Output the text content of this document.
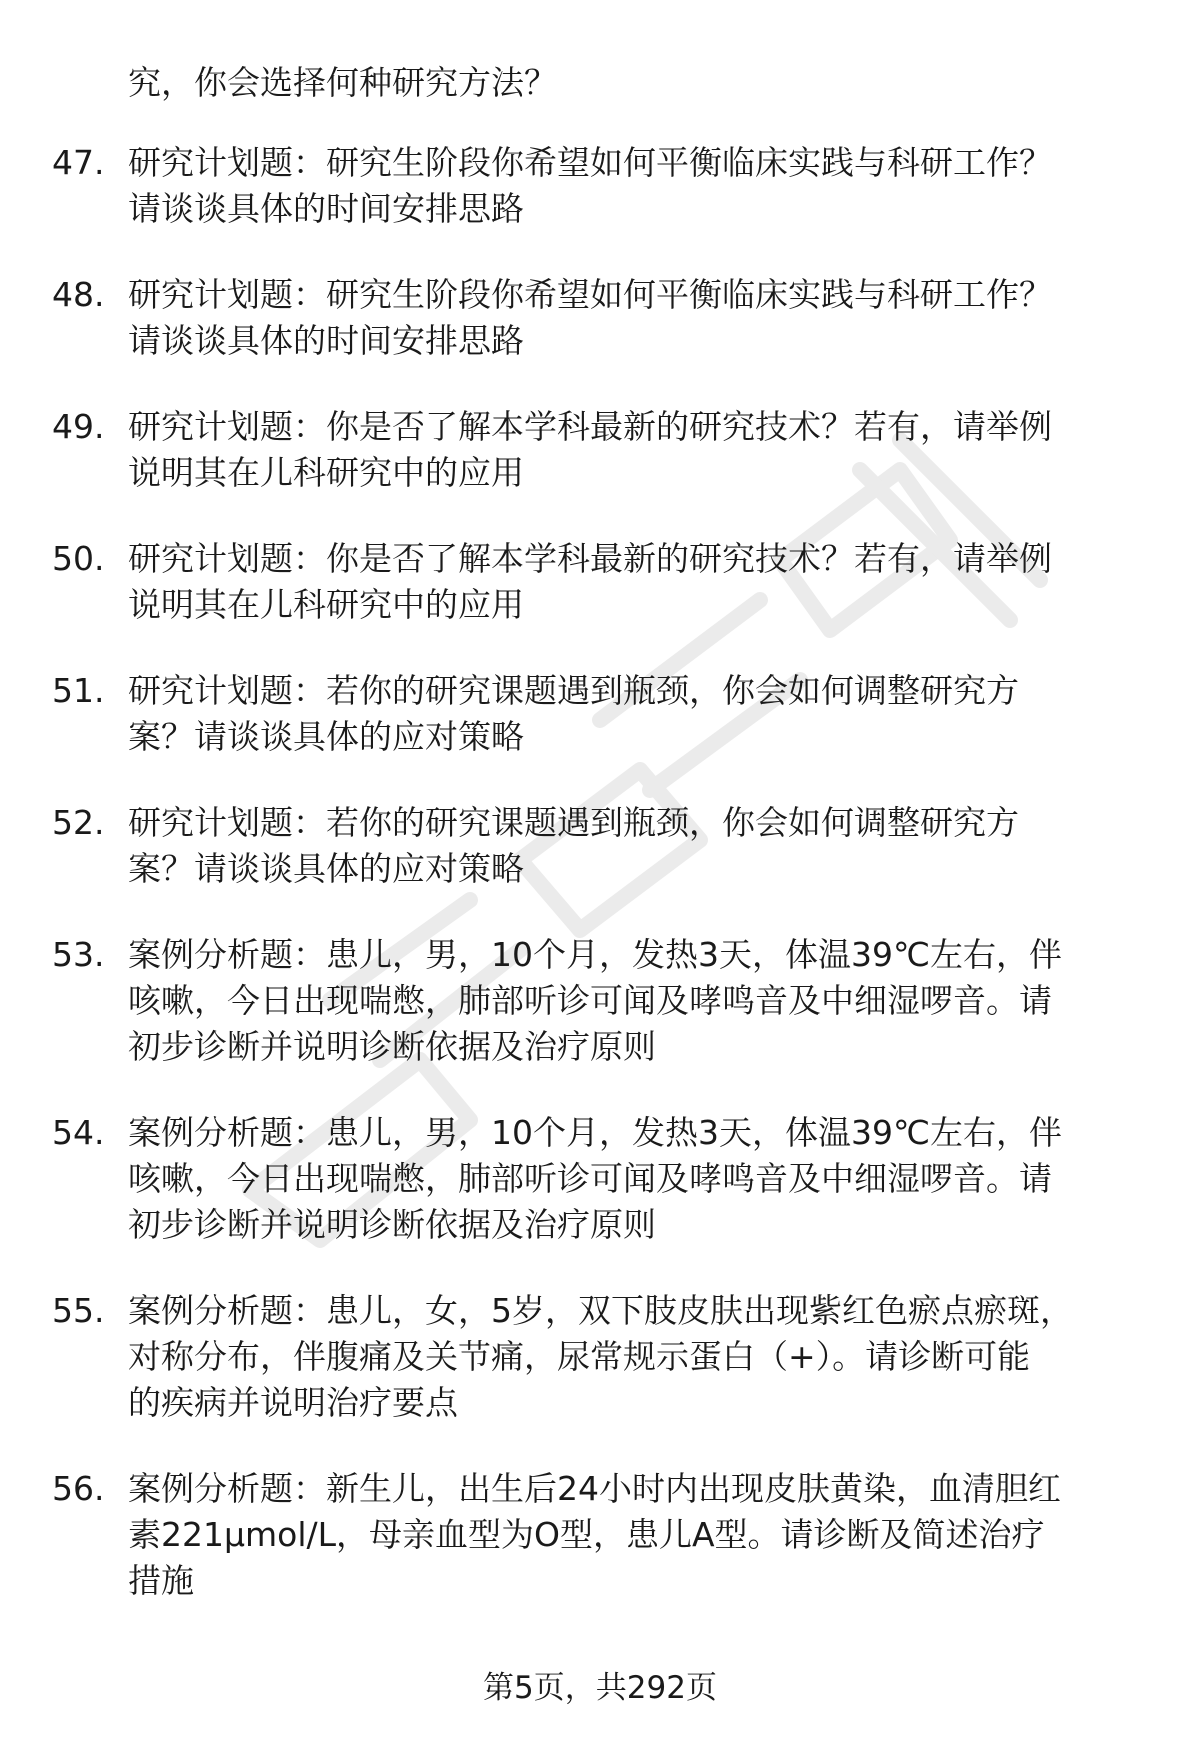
究，你会选择何种研究方法？
47. 研究计划题：研究生阶段你希望如何平衡临床实践与科研工作？
请谈谈具体的时间安排思路
48. 研究计划题：研究生阶段你希望如何平衡临床实践与科研工作？
请谈谈具体的时间安排思路
49. 研究计划题：你是否了解本学科最新的研究技术？若有，请举例
说明其在儿科研究中的应用
50. 研究计划题：你是否了解本学科最新的研究技术？若有，请举例
说明其在儿科研究中的应用
51. 研究计划题：若你的研究课题遇到瓶颈，你会如何调整研究方
案？请谈谈具体的应对策略
52. 研究计划题：若你的研究课题遇到瓶颈，你会如何调整研究方
案？请谈谈具体的应对策略
53. 案例分析题：患儿，男，10个月，发热3天，体温39℃左右，伴
咳嗽，今日出现喘憋，肺部听诊可闻及哮鸣音及中细湿啰音。请
初步诊断并说明诊断依据及治疗原则
54. 案例分析题：患儿，男，10个月，发热3天，体温39℃左右，伴
咳嗽，今日出现喘憋，肺部听诊可闻及哮鸣音及中细湿啰音。请
初步诊断并说明诊断依据及治疗原则
55. 案例分析题：患儿，女，5岁，双下肢皮肤出现紫红色瘀点瘀斑，
对称分布，伴腹痛及关节痛，尿常规示蛋白（+）。请诊断可能
的疾病并说明治疗要点
56. 案例分析题：新生儿，出生后24小时内出现皮肤黄染，血清胆红
素221μmol/L，母亲血型为O型，患儿A型。请诊断及简述治疗
措施
第5页，共292页
